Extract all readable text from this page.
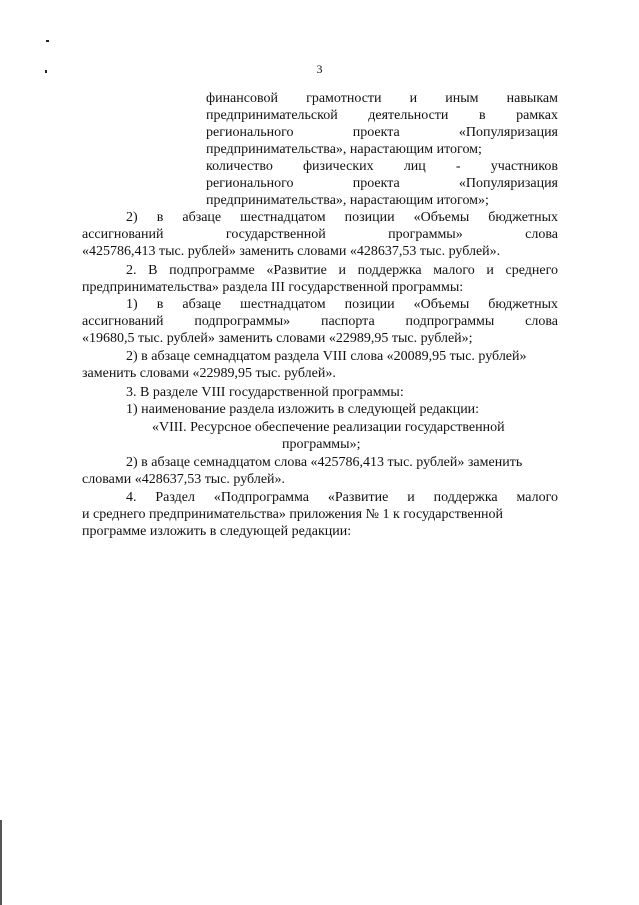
3
финансовой грамотности и иным навыкам
предпринимательской деятельности в рамках
регионального проекта «Популяризация
предпринимательства», нарастающим итогом;
количество физических лиц - участников
регионального проекта «Популяризация
предпринимательства», нарастающим итогом»;
2) в абзаце шестнадцатом позиции «Объемы бюджетных
ассигнований государственной программы» слова
«425786,413 тыс. рублей» заменить словами «428637,53 тыс. рублей».
2. В подпрограмме «Развитие и поддержка малого и среднего
предпринимательства» раздела III государственной программы:
1) в абзаце шестнадцатом позиции «Объемы бюджетных
ассигнований подпрограммы» паспорта подпрограммы слова
«19680,5 тыс. рублей» заменить словами «22989,95 тыс. рублей»;
2) в абзаце семнадцатом раздела VIII слова «20089,95 тыс. рублей»
заменить словами «22989,95 тыс. рублей».
3. В разделе VIII государственной программы:
1) наименование раздела изложить в следующей редакции:
«VIII. Ресурсное обеспечение реализации государственной
программы»;
2) в абзаце семнадцатом слова «425786,413 тыс. рублей» заменить
словами «428637,53 тыс. рублей».
4. Раздел «Подпрограмма «Развитие и поддержка малого
и среднего предпринимательства» приложения № 1 к государственной
программе изложить в следующей редакции:
